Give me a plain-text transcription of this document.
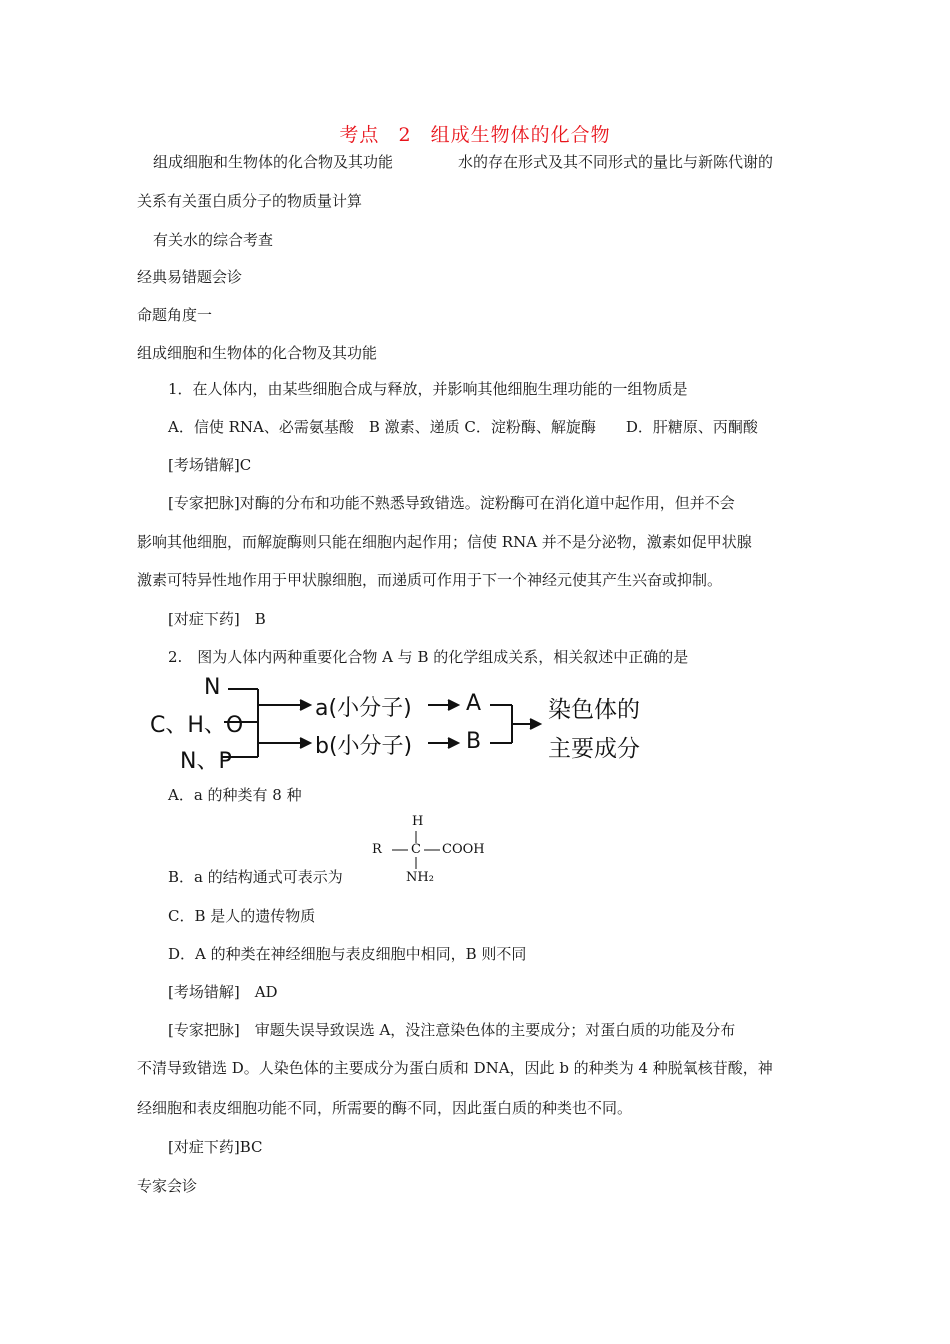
考点 2 组成生物体的化合物
组成细胞和生物体的化合物及其功能	水的存在形式及其不同形式的量比与新陈代谢的
关系有关蛋白质分子的物质量计算
有关水的综合考查
经典易错题会诊
命题角度一
组成细胞和生物体的化合物及其功能
1．在人体内，由某些细胞合成与释放，并影响其他细胞生理功能的一组物质是
A．信使 RNA、必需氨基酸　B 激素、递质 C．淀粉酶、解旋酶　　D．肝糖原、丙酮酸
[考场错解]C
[专家把脉]对酶的分布和功能不熟悉导致错选。淀粉酶可在消化道中起作用，但并不会
影响其他细胞，而解旋酶则只能在细胞内起作用；信使 RNA 并不是分泌物，激素如促甲状腺
激素可特异性地作用于甲状腺细胞，而递质可作用于下一个神经元使其产生兴奋或抑制。
[对症下药]　B
2.　图为人体内两种重要化合物 A 与 B 的化学组成关系，相关叙述中正确的是
N
C、H、O
N、P
a(小分子)
b(小分子)
A
B
染色体的
主要成分
A．a 的种类有 8 种
H
R C COOH
NH₂
B．a 的结构通式可表示为
C．B 是人的遗传物质
D．A 的种类在神经细胞与表皮细胞中相同，B 则不同
[考场错解]　AD
[专家把脉]　审题失误导致误选 A，没注意染色体的主要成分；对蛋白质的功能及分布
不清导致错选 D。人染色体的主要成分为蛋白质和 DNA，因此 b 的种类为 4 种脱氧核苷酸，神
经细胞和表皮细胞功能不同，所需要的酶不同，因此蛋白质的种类也不同。
[对症下药]BC
专家会诊
